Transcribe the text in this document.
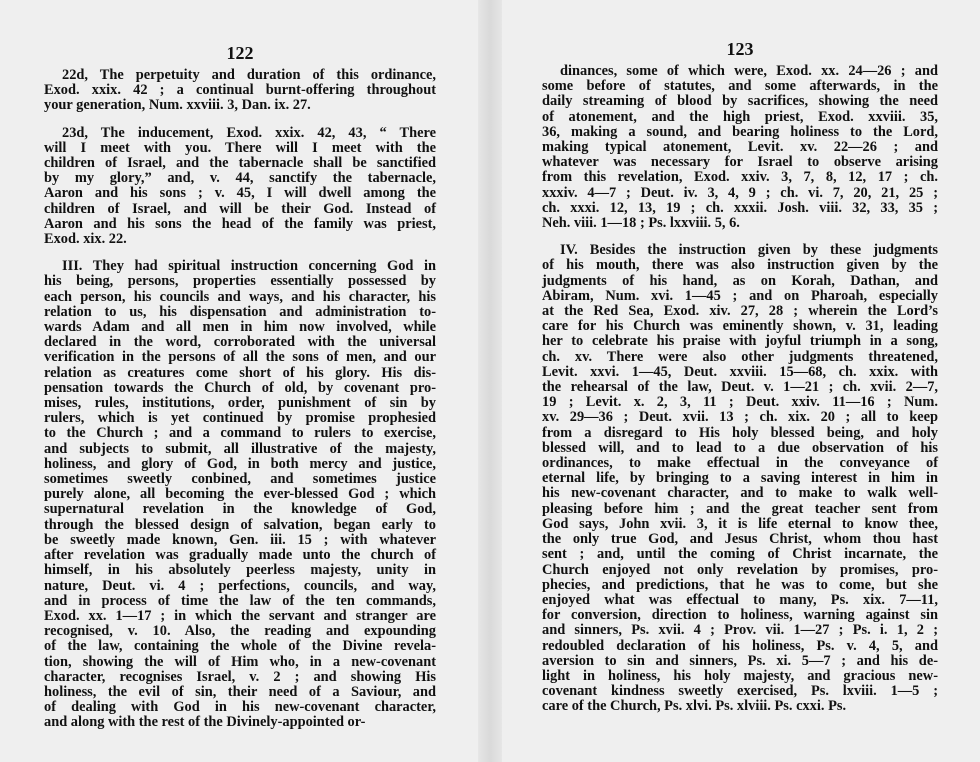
122
22d, The perpetuity and duration of this ordinance,
Exod. xxix. 42 ; a continual burnt-offering throughout
your generation, Num. xxviii. 3, Dan. ix. 27.
23d, The inducement, Exod. xxix. 42, 43, “ There
will I meet with you. There will I meet with the
children of Israel, and the tabernacle shall be sanctified
by my glory,” and, v. 44, sanctify the tabernacle,
Aaron and his sons ; v. 45, I will dwell among the
children of Israel, and will be their God. Instead of
Aaron and his sons the head of the family was priest,
Exod. xix. 22.
III. They had spiritual instruction concerning God in
his being, persons, properties essentially possessed by
each person, his councils and ways, and his character, his
relation to us, his dispensation and administration to-
wards Adam and all men in him now involved, while
declared in the word, corroborated with the universal
verification in the persons of all the sons of men, and our
relation as creatures come short of his glory. His dis-
pensation towards the Church of old, by covenant pro-
mises, rules, institutions, order, punishment of sin by
rulers, which is yet continued by promise prophesied
to the Church ; and a command to rulers to exercise,
and subjects to submit, all illustrative of the majesty,
holiness, and glory of God, in both mercy and justice,
sometimes sweetly conbined, and sometimes justice
purely alone, all becoming the ever-blessed God ; which
supernatural revelation in the knowledge of God,
through the blessed design of salvation, began early to
be sweetly made known, Gen. iii. 15 ; with whatever
after revelation was gradually made unto the church of
himself, in his absolutely peerless majesty, unity in
nature, Deut. vi. 4 ; perfections, councils, and way,
and in process of time the law of the ten commands,
Exod. xx. 1—17 ; in which the servant and stranger are
recognised, v. 10. Also, the reading and expounding
of the law, containing the whole of the Divine revela-
tion, showing the will of Him who, in a new-covenant
character, recognises Israel, v. 2 ; and showing His
holiness, the evil of sin, their need of a Saviour, and
of dealing with God in his new-covenant character,
and along with the rest of the Divinely-appointed or-
123
dinances, some of which were, Exod. xx. 24—26 ; and
some before of statutes, and some afterwards, in the
daily streaming of blood by sacrifices, showing the need
of atonement, and the high priest, Exod. xxviii. 35,
36, making a sound, and bearing holiness to the Lord,
making typical atonement, Levit. xv. 22—26 ; and
whatever was necessary for Israel to observe arising
from this revelation, Exod. xxiv. 3, 7, 8, 12, 17 ; ch.
xxxiv. 4—7 ; Deut. iv. 3, 4, 9 ; ch. vi. 7, 20, 21, 25 ;
ch. xxxi. 12, 13, 19 ; ch. xxxii. Josh. viii. 32, 33, 35 ;
Neh. viii. 1—18 ; Ps. lxxviii. 5, 6.
IV. Besides the instruction given by these judgments
of his mouth, there was also instruction given by the
judgments of his hand, as on Korah, Dathan, and
Abiram, Num. xvi. 1—45 ; and on Pharoah, especially
at the Red Sea, Exod. xiv. 27, 28 ; wherein the Lord’s
care for his Church was eminently shown, v. 31, leading
her to celebrate his praise with joyful triumph in a song,
ch. xv. There were also other judgments threatened,
Levit. xxvi. 1—45, Deut. xxviii. 15—68, ch. xxix. with
the rehearsal of the law, Deut. v. 1—21 ; ch. xvii. 2—7,
19 ; Levit. x. 2, 3, 11 ; Deut. xxiv. 11—16 ; Num.
xv. 29—36 ; Deut. xvii. 13 ; ch. xix. 20 ; all to keep
from a disregard to His holy blessed being, and holy
blessed will, and to lead to a due observation of his
ordinances, to make effectual in the conveyance of
eternal life, by bringing to a saving interest in him in
his new-covenant character, and to make to walk well-
pleasing before him ; and the great teacher sent from
God says, John xvii. 3, it is life eternal to know thee,
the only true God, and Jesus Christ, whom thou hast
sent ; and, until the coming of Christ incarnate, the
Church enjoyed not only revelation by promises, pro-
phecies, and predictions, that he was to come, but she
enjoyed what was effectual to many, Ps. xix. 7—11,
for conversion, direction to holiness, warning against sin
and sinners, Ps. xvii. 4 ; Prov. vii. 1—27 ; Ps. i. 1, 2 ;
redoubled declaration of his holiness, Ps. v. 4, 5, and
aversion to sin and sinners, Ps. xi. 5—7 ; and his de-
light in holiness, his holy majesty, and gracious new-
covenant kindness sweetly exercised, Ps. lxviii. 1—5 ;
care of the Church, Ps. xlvi. Ps. xlviii. Ps. cxxi. Ps.
